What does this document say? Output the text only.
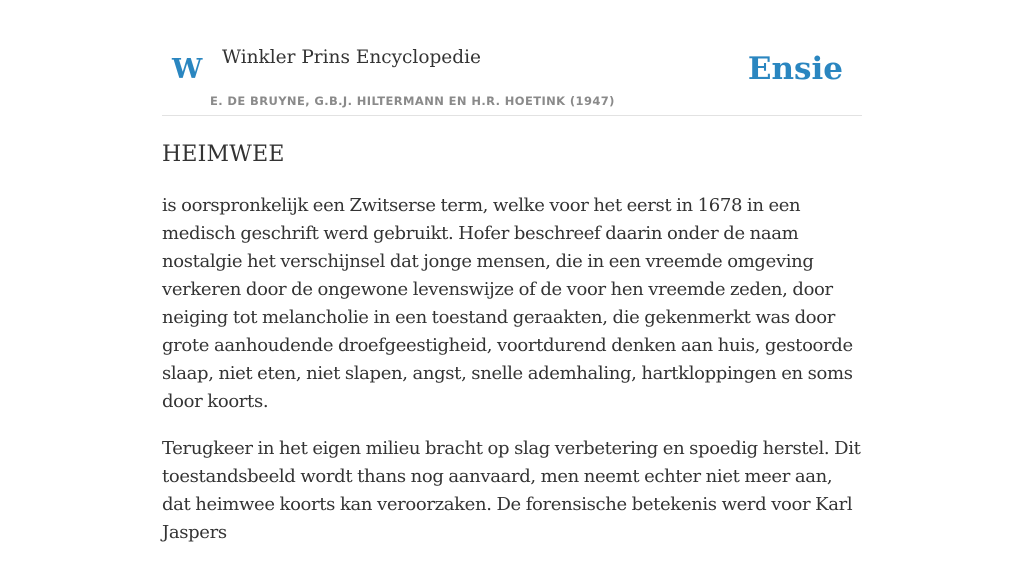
W Winkler Prins Encyclopedie
E. DE BRUYNE, G.B.J. HILTERMANN EN H.R. HOETINK (1947)
Ensie
HEIMWEE

is oorspronkelijk een Zwitserse term, welke voor het eerst in 1678 in een medisch geschrift werd gebruikt. Hofer beschreef daarin onder de naam nostalgie het verschijnsel dat jonge mensen, die in een vreemde omgeving verkeren door de ongewone levenswijze of de voor hen vreemde zeden, door neiging tot melancholie in een toestand geraakten, die gekenmerkt was door grote aanhoudende droefgeestigheid, voortdurend denken aan huis, gestoorde slaap, niet eten, niet slapen, angst, snelle ademhaling, hartkloppingen en soms door koorts.

Terugkeer in het eigen milieu bracht op slag verbetering en spoedig herstel. Dit toestandsbeeld wordt thans nog aanvaard, men neemt echter niet meer aan, dat heimwee koorts kan veroorzaken. De forensische betekenis werd voor Karl Jaspers
